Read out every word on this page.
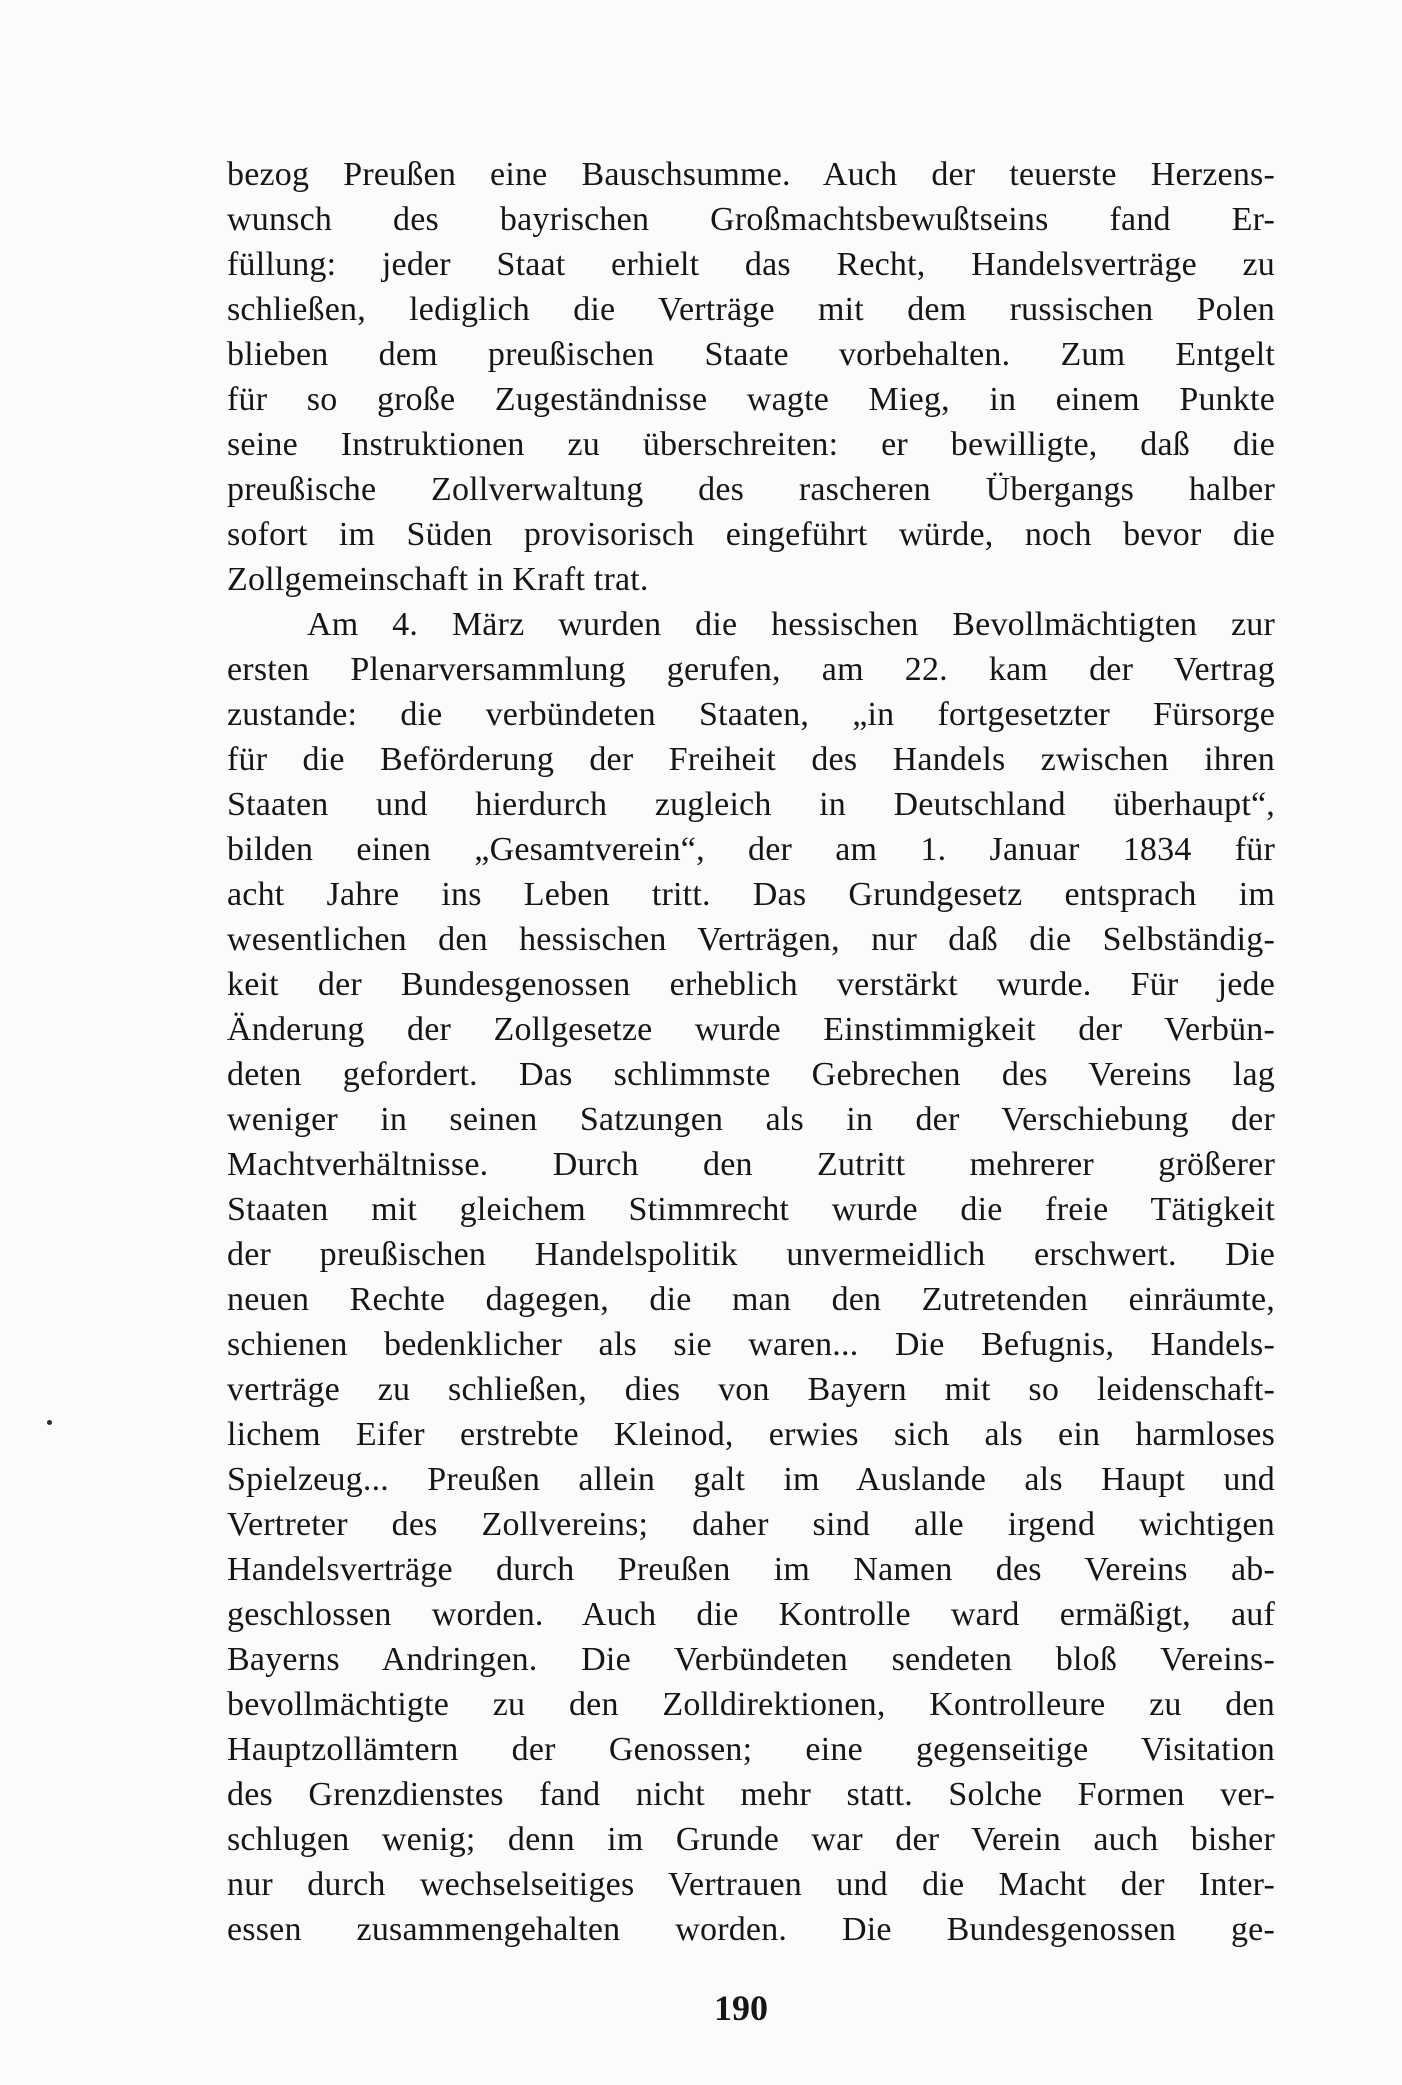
bezog Preußen eine Bauschsumme. Auch der teuerste Herzens-
wunsch des bayrischen Großmachtsbewußtseins fand Er-
füllung: jeder Staat erhielt das Recht, Handelsverträge zu
schließen, lediglich die Verträge mit dem russischen Polen
blieben dem preußischen Staate vorbehalten. Zum Entgelt
für so große Zugeständnisse wagte Mieg, in einem Punkte
seine Instruktionen zu überschreiten: er bewilligte, daß die
preußische Zollverwaltung des rascheren Übergangs halber
sofort im Süden provisorisch eingeführt würde, noch bevor die
Zollgemeinschaft in Kraft trat.
Am 4. März wurden die hessischen Bevollmächtigten zur
ersten Plenarversammlung gerufen, am 22. kam der Vertrag
zustande: die verbündeten Staaten, „in fortgesetzter Fürsorge
für die Beförderung der Freiheit des Handels zwischen ihren
Staaten und hierdurch zugleich in Deutschland überhaupt“,
bilden einen „Gesamtverein“, der am 1. Januar 1834 für
acht Jahre ins Leben tritt. Das Grundgesetz entsprach im
wesentlichen den hessischen Verträgen, nur daß die Selbständig-
keit der Bundesgenossen erheblich verstärkt wurde. Für jede
Änderung der Zollgesetze wurde Einstimmigkeit der Verbün-
deten gefordert. Das schlimmste Gebrechen des Vereins lag
weniger in seinen Satzungen als in der Verschiebung der
Machtverhältnisse. Durch den Zutritt mehrerer größerer
Staaten mit gleichem Stimmrecht wurde die freie Tätigkeit
der preußischen Handelspolitik unvermeidlich erschwert. Die
neuen Rechte dagegen, die man den Zutretenden einräumte,
schienen bedenklicher als sie waren... Die Befugnis, Handels-
verträge zu schließen, dies von Bayern mit so leidenschaft-
lichem Eifer erstrebte Kleinod, erwies sich als ein harmloses
Spielzeug... Preußen allein galt im Auslande als Haupt und
Vertreter des Zollvereins; daher sind alle irgend wichtigen
Handelsverträge durch Preußen im Namen des Vereins ab-
geschlossen worden. Auch die Kontrolle ward ermäßigt, auf
Bayerns Andringen. Die Verbündeten sendeten bloß Vereins-
bevollmächtigte zu den Zolldirektionen, Kontrolleure zu den
Hauptzollämtern der Genossen; eine gegenseitige Visitation
des Grenzdienstes fand nicht mehr statt. Solche Formen ver-
schlugen wenig; denn im Grunde war der Verein auch bisher
nur durch wechselseitiges Vertrauen und die Macht der Inter-
essen zusammengehalten worden. Die Bundesgenossen ge-
190
